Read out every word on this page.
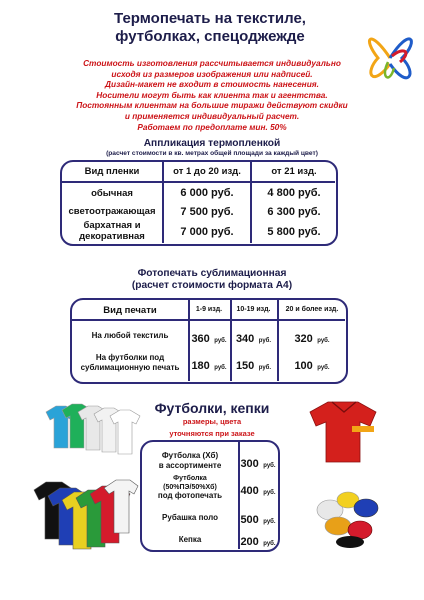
Термопечать на текстиле,
футболках, спецоджежде
Стоимость изготовления рассчитывается индивидуально
исходя из размеров изображения или надписей.
Дизайн-макет не входит в стоимость нанесения.
Носители могут быть как клиента так и агентства.
Постоянным клиентам на большие тиражи действуют скидки
и применяется индивидуальный расчет.
Работаем по предоплате мин. 50%
Аппликация термопленкой
(расчет стоимости в кв. метрах общей площади за каждый цвет)
Вид пленки	от 1 до 20 изд.	от 21 изд.
обычная	6 000 руб.	4 800 руб.
светоотражающая	7 500 руб.	6 300 руб.
бархатная и
декоративная	7 000 руб.	5 800 руб.
Фотопечать сублимационная
(расчет стоимости формата А4)
Вид печати	1-9 изд.	10-19 изд.	20 и более изд.
На любой текстиль	360 руб. 340 руб.	320 руб.
На футболки под
сублимационную печать	180 руб. 150 руб.	100 руб.
Футболки, кепки
размеры, цвета
уточняются при заказе
Футболка (Хб)
в ассортименте	300 руб.
Футболка
(50%ПЭ/50%Хб)
под фотопечать	400 руб.
Рубашка поло	500 руб.
Кепка	200 руб.
